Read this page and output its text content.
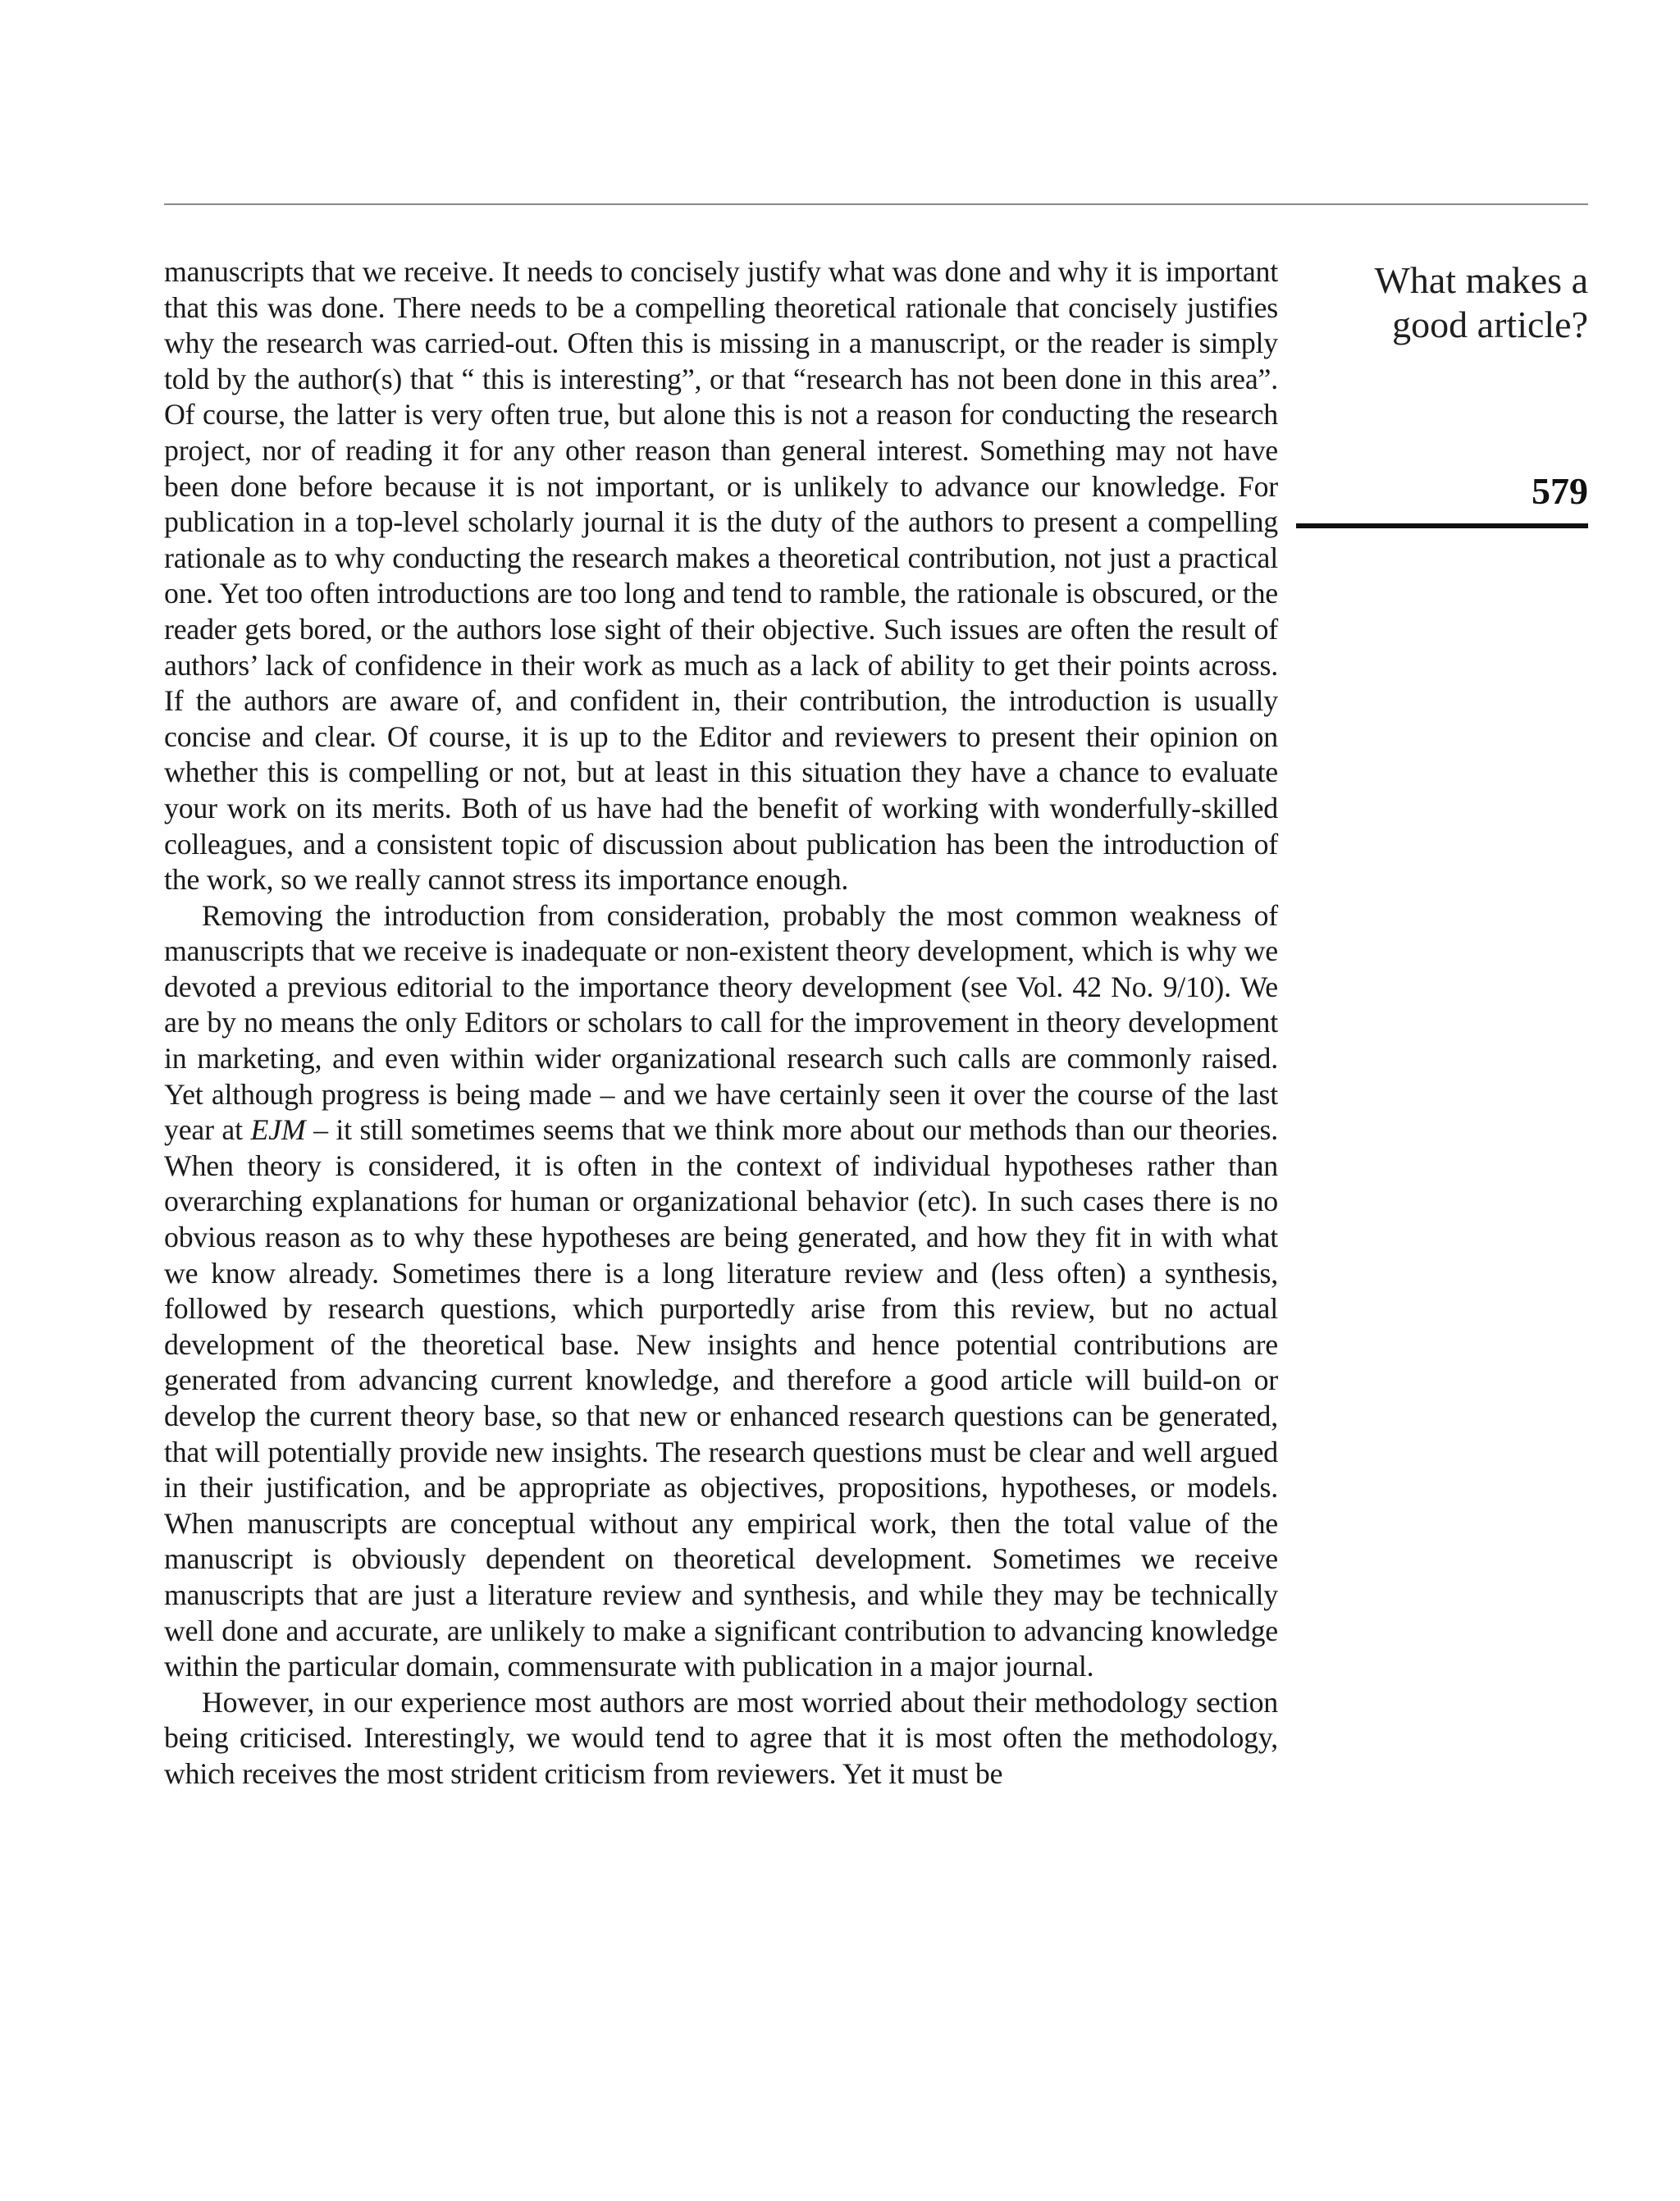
What makes a
good article?
579

manuscripts that we receive. It needs to concisely justify what was done and why it is important that this was done. There needs to be a compelling theoretical rationale that concisely justifies why the research was carried-out. Often this is missing in a manuscript, or the reader is simply told by the author(s) that “ this is interesting”, or that “research has not been done in this area”. Of course, the latter is very often true, but alone this is not a reason for conducting the research project, nor of reading it for any other reason than general interest. Something may not have been done before because it is not important, or is unlikely to advance our knowledge. For publication in a top-level scholarly journal it is the duty of the authors to present a compelling rationale as to why conducting the research makes a theoretical contribution, not just a practical one. Yet too often introductions are too long and tend to ramble, the rationale is obscured, or the reader gets bored, or the authors lose sight of their objective. Such issues are often the result of authors’ lack of confidence in their work as much as a lack of ability to get their points across. If the authors are aware of, and confident in, their contribution, the introduction is usually concise and clear. Of course, it is up to the Editor and reviewers to present their opinion on whether this is compelling or not, but at least in this situation they have a chance to evaluate your work on its merits. Both of us have had the benefit of working with wonderfully-skilled colleagues, and a consistent topic of discussion about publication has been the introduction of the work, so we really cannot stress its importance enough.

Removing the introduction from consideration, probably the most common weakness of manuscripts that we receive is inadequate or non-existent theory development, which is why we devoted a previous editorial to the importance theory development (see Vol. 42 No. 9/10). We are by no means the only Editors or scholars to call for the improvement in theory development in marketing, and even within wider organizational research such calls are commonly raised. Yet although progress is being made – and we have certainly seen it over the course of the last year at EJM – it still sometimes seems that we think more about our methods than our theories. When theory is considered, it is often in the context of individual hypotheses rather than overarching explanations for human or organizational behavior (etc). In such cases there is no obvious reason as to why these hypotheses are being generated, and how they fit in with what we know already. Sometimes there is a long literature review and (less often) a synthesis, followed by research questions, which purportedly arise from this review, but no actual development of the theoretical base. New insights and hence potential contributions are generated from advancing current knowledge, and therefore a good article will build-on or develop the current theory base, so that new or enhanced research questions can be generated, that will potentially provide new insights. The research questions must be clear and well argued in their justification, and be appropriate as objectives, propositions, hypotheses, or models. When manuscripts are conceptual without any empirical work, then the total value of the manuscript is obviously dependent on theoretical development. Sometimes we receive manuscripts that are just a literature review and synthesis, and while they may be technically well done and accurate, are unlikely to make a significant contribution to advancing knowledge within the particular domain, commensurate with publication in a major journal.

However, in our experience most authors are most worried about their methodology section being criticised. Interestingly, we would tend to agree that it is most often the methodology, which receives the most strident criticism from reviewers. Yet it must be
